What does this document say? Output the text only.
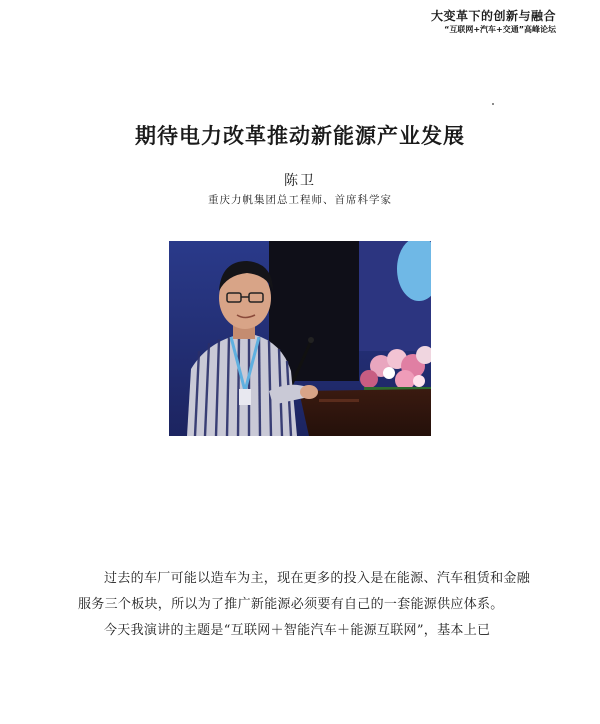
大变革下的创新与融合
“互联网+汽车+交通”高峰论坛
期待电力改革推动新能源产业发展
陈卫
重庆力帆集团总工程师、首席科学家

过去的车厂可能以造车为主，现在更多的投入是在能源、汽车租赁和金融服务三个板块，所以为了推广新能源必须要有自己的一套能源供应体系。

今天我演讲的主题是“互联网＋智能汽车＋能源互联网”，基本上已
